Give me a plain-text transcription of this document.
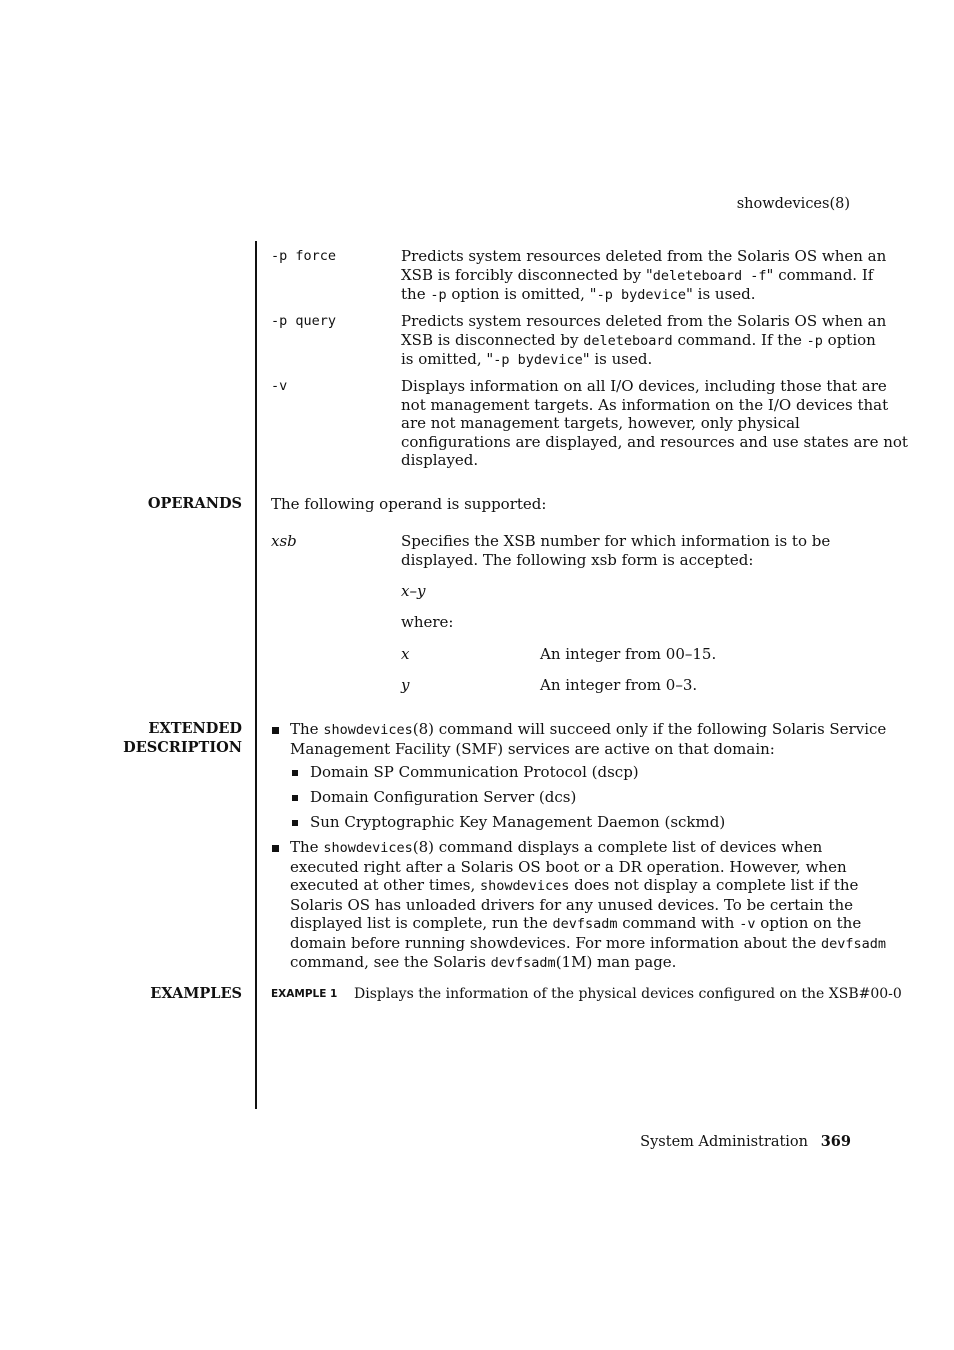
showdevices(8)
-p force	Predicts system resources deleted from the Solaris OS when an
XSB is forcibly disconnected by "deleteboard -f" command. If
the -p option is omitted, "-p bydevice" is used.
-p query	Predicts system resources deleted from the Solaris OS when an
XSB is disconnected by deleteboard command. If the -p option
is omitted, "-p bydevice" is used.
-v	Displays information on all I/O devices, including those that are
not management targets. As information on the I/O devices that
are not management targets, however, only physical
configurations are displayed, and resources and use states are not
displayed.
OPERANDS The following operand is supported:
xsb	Specifies the XSB number for which information is to be
displayed. The following xsb form is accepted:
x–y
where:
x	An integer from 00–15.
y	An integer from 0–3.
EXTENDED
DESCRIPTION
The showdevices(8) command will succeed only if the following Solaris Service
Management Facility (SMF) services are active on that domain:
Domain SP Communication Protocol (dscp)
Domain Configuration Server (dcs)
Sun Cryptographic Key Management Daemon (sckmd)
The showdevices(8) command displays a complete list of devices when
executed right after a Solaris OS boot or a DR operation. However, when
executed at other times, showdevices does not display a complete list if the
Solaris OS has unloaded drivers for any unused devices. To be certain the
displayed list is complete, run the devfsadm command with -v option on the
domain before running showdevices. For more information about the devfsadm
command, see the Solaris devfsadm(1M) man page.
EXAMPLES	EXAMPLE 1 Displays the information of the physical devices configured on the XSB#00-0
System Administration 369
